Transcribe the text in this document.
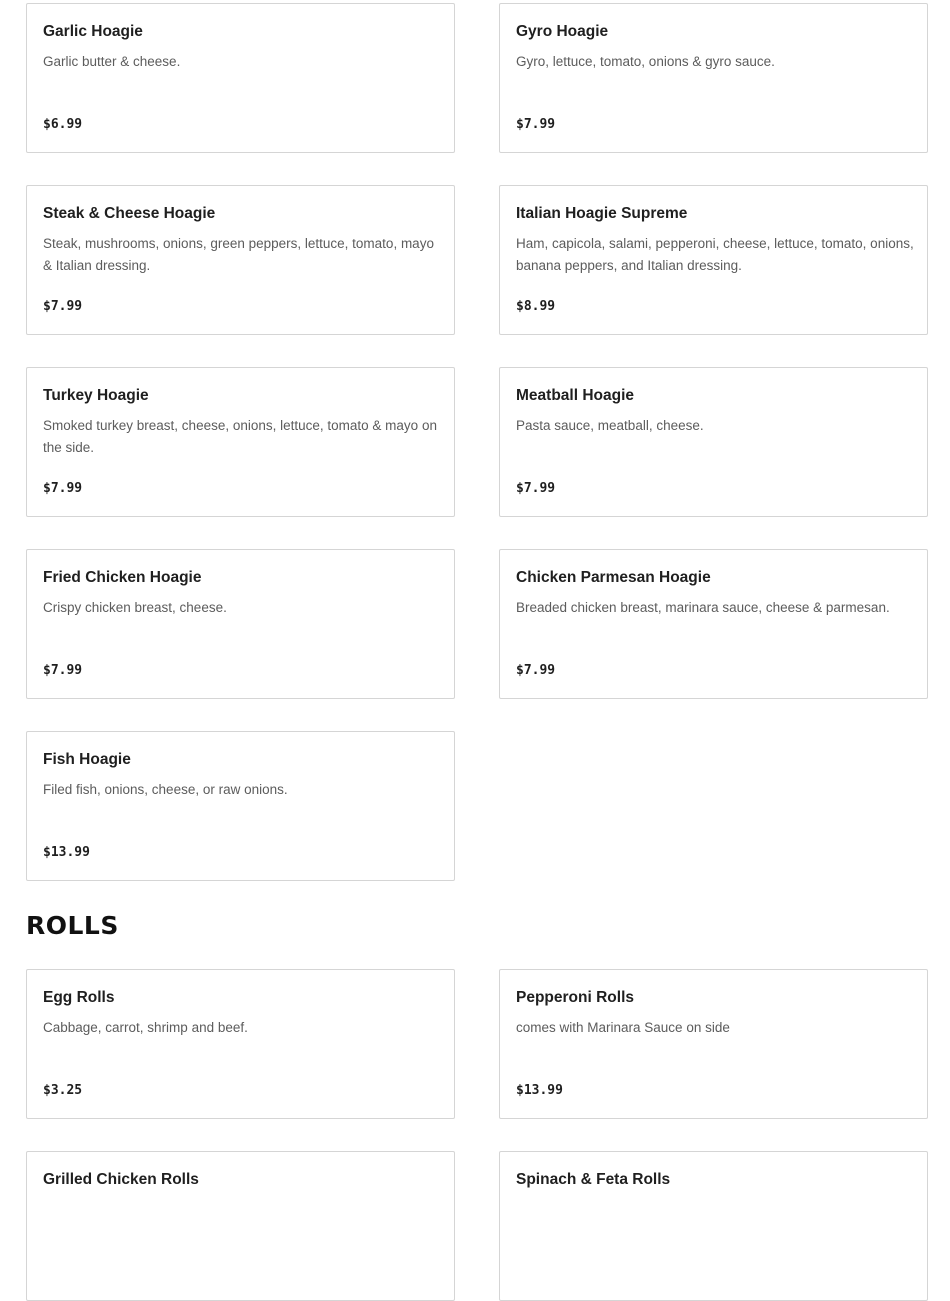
Garlic Hoagie
Garlic butter & cheese.
$6.99
Gyro Hoagie
Gyro, lettuce, tomato, onions & gyro sauce.
$7.99
Steak & Cheese Hoagie
Steak, mushrooms, onions, green peppers, lettuce, tomato, mayo & Italian dressing.
$7.99
Italian Hoagie Supreme
Ham, capicola, salami, pepperoni, cheese, lettuce, tomato, onions, banana peppers, and Italian dressing.
$8.99
Turkey Hoagie
Smoked turkey breast, cheese, onions, lettuce, tomato & mayo on the side.
$7.99
Meatball Hoagie
Pasta sauce, meatball, cheese.
$7.99
Fried Chicken Hoagie
Crispy chicken breast, cheese.
$7.99
Chicken Parmesan Hoagie
Breaded chicken breast, marinara sauce, cheese & parmesan.
$7.99
Fish Hoagie
Filed fish, onions, cheese, or raw onions.
$13.99
ROLLS
Egg Rolls
Cabbage, carrot, shrimp and beef.
$3.25
Pepperoni Rolls
comes with Marinara Sauce on side
$13.99
Grilled Chicken Rolls	Spinach & Feta Rolls
